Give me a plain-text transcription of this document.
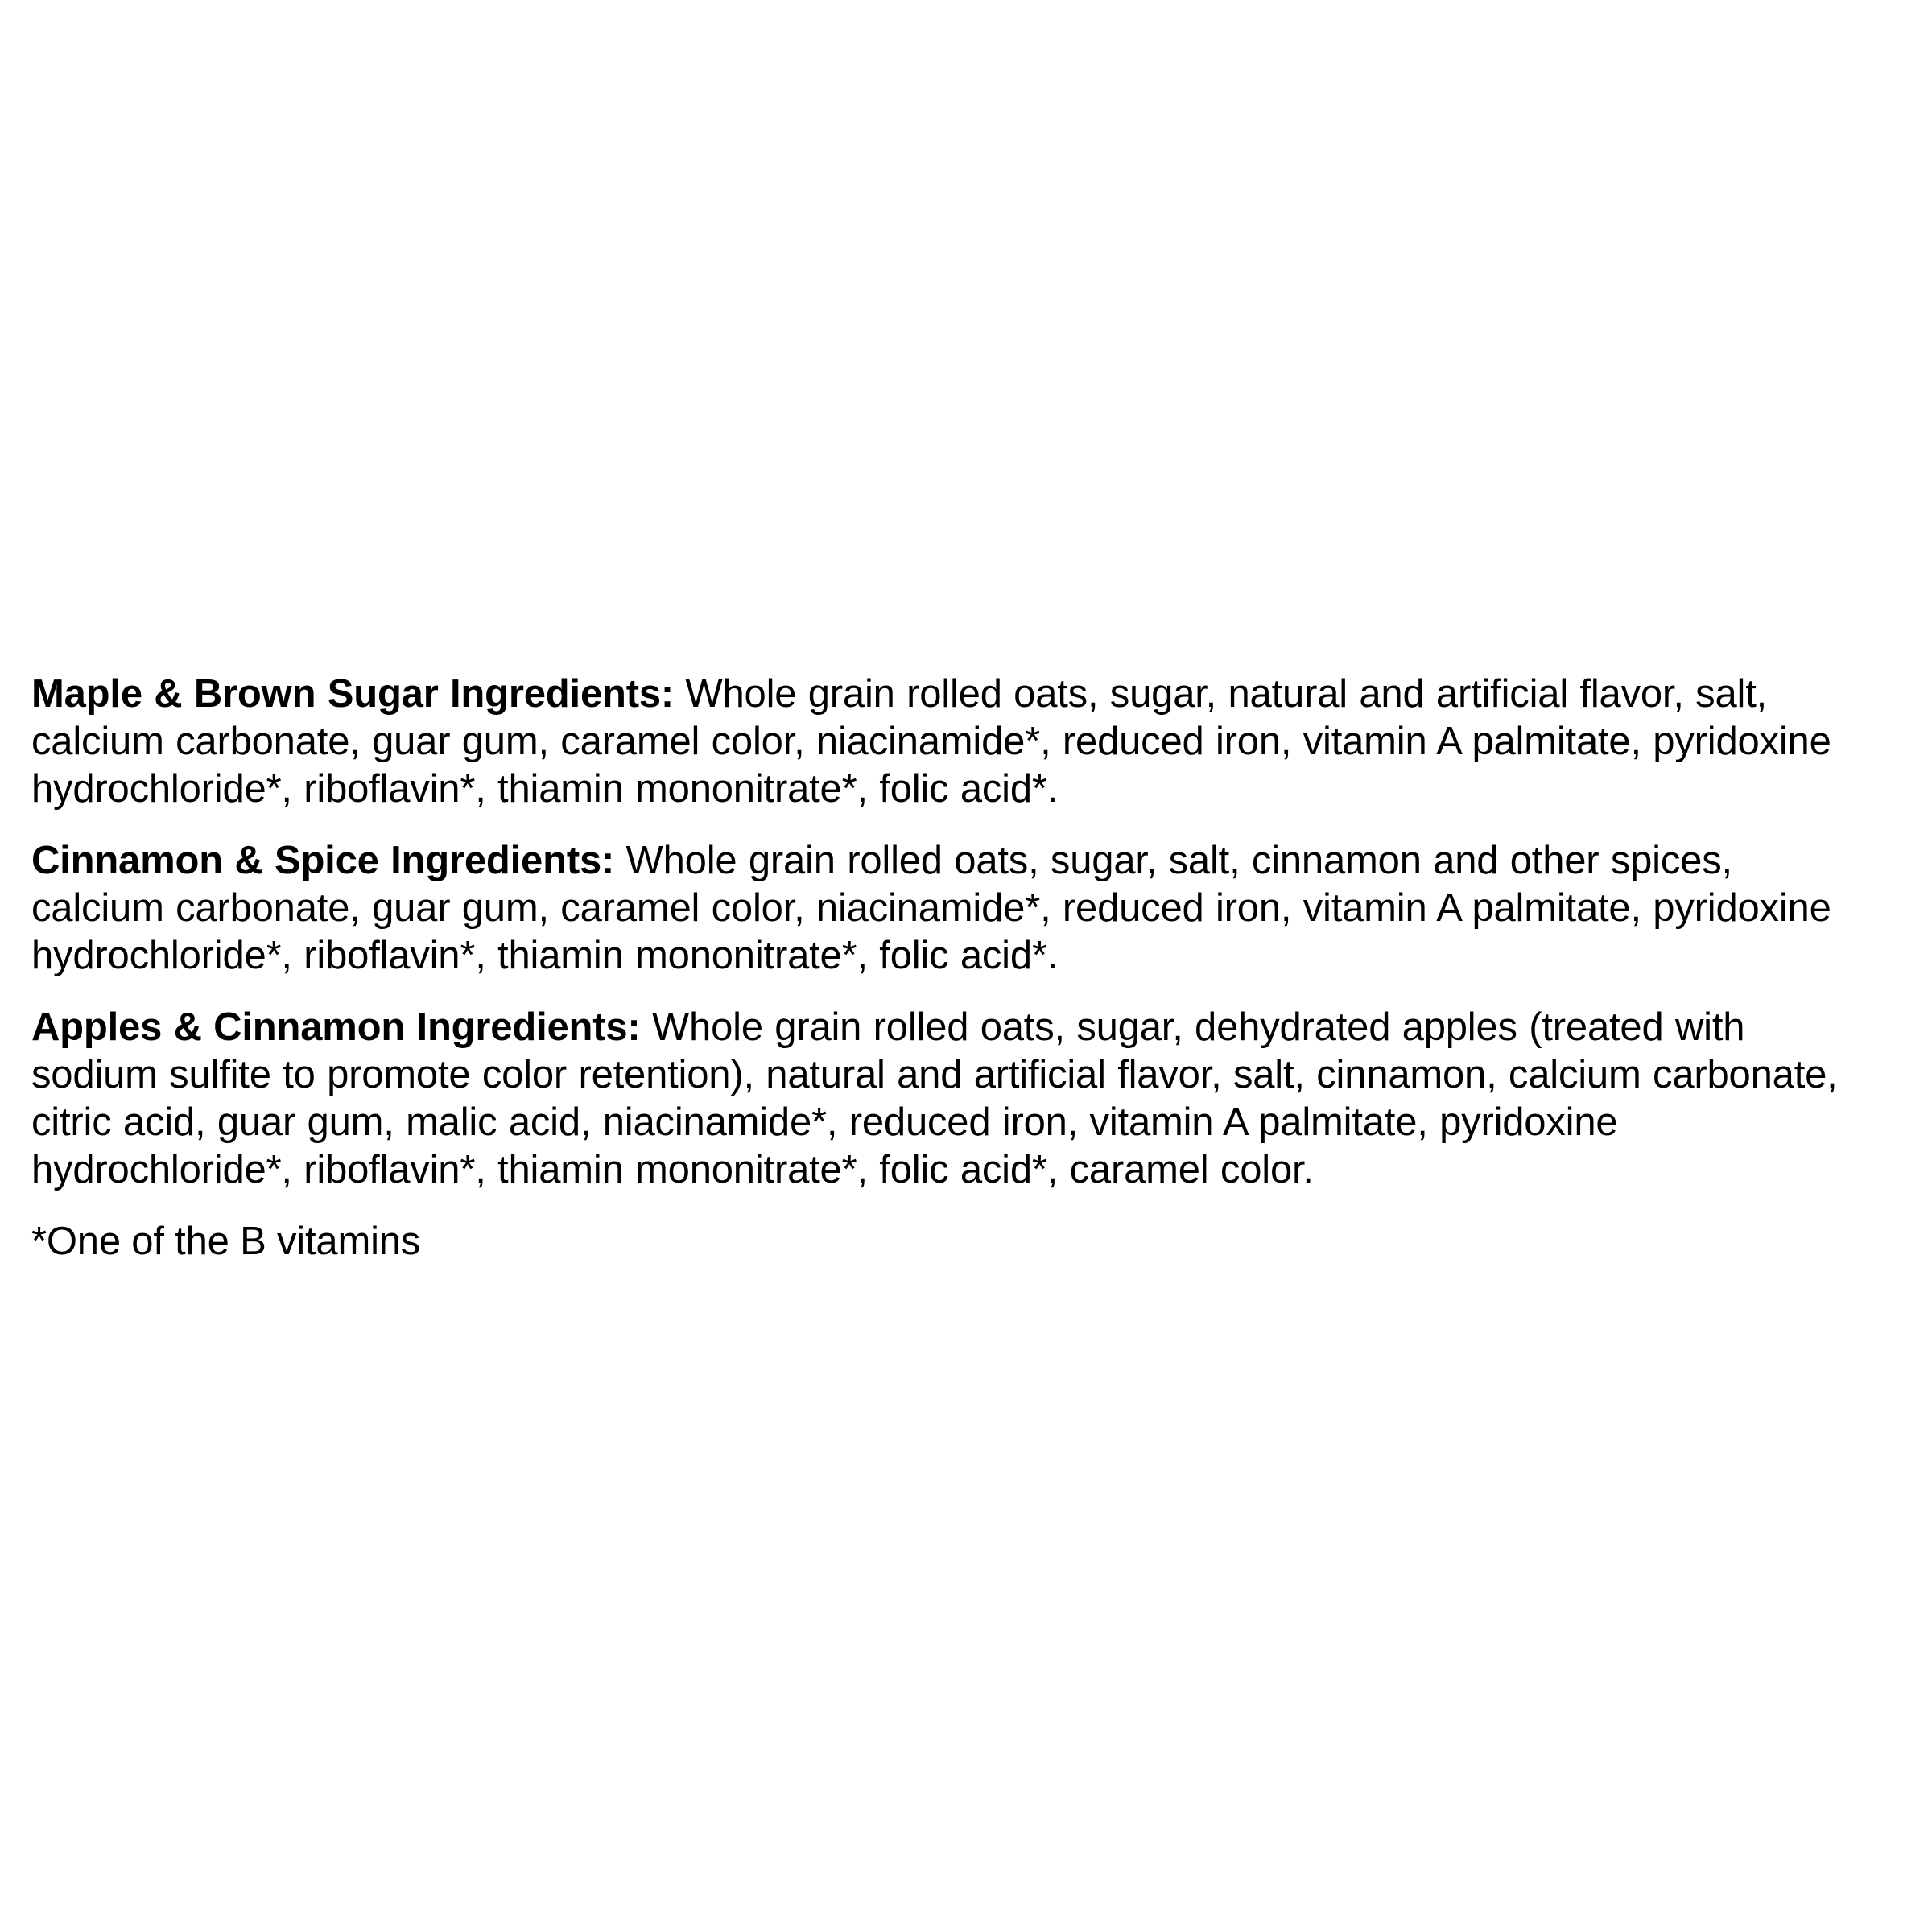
Maple & Brown Sugar Ingredients: Whole grain rolled oats, sugar, natural and artificial flavor, salt,
calcium carbonate, guar gum, caramel color, niacinamide*, reduced iron, vitamin A palmitate, pyridoxine
hydrochloride*, riboflavin*, thiamin mononitrate*, folic acid*.

Cinnamon & Spice Ingredients: Whole grain rolled oats, sugar, salt, cinnamon and other spices,
calcium carbonate, guar gum, caramel color, niacinamide*, reduced iron, vitamin A palmitate, pyridoxine
hydrochloride*, riboflavin*, thiamin mononitrate*, folic acid*.

Apples & Cinnamon Ingredients: Whole grain rolled oats, sugar, dehydrated apples (treated with
sodium sulfite to promote color retention), natural and artificial flavor, salt, cinnamon, calcium carbonate,
citric acid, guar gum, malic acid, niacinamide*, reduced iron, vitamin A palmitate, pyridoxine
hydrochloride*, riboflavin*, thiamin mononitrate*, folic acid*, caramel color.

*One of the B vitamins
